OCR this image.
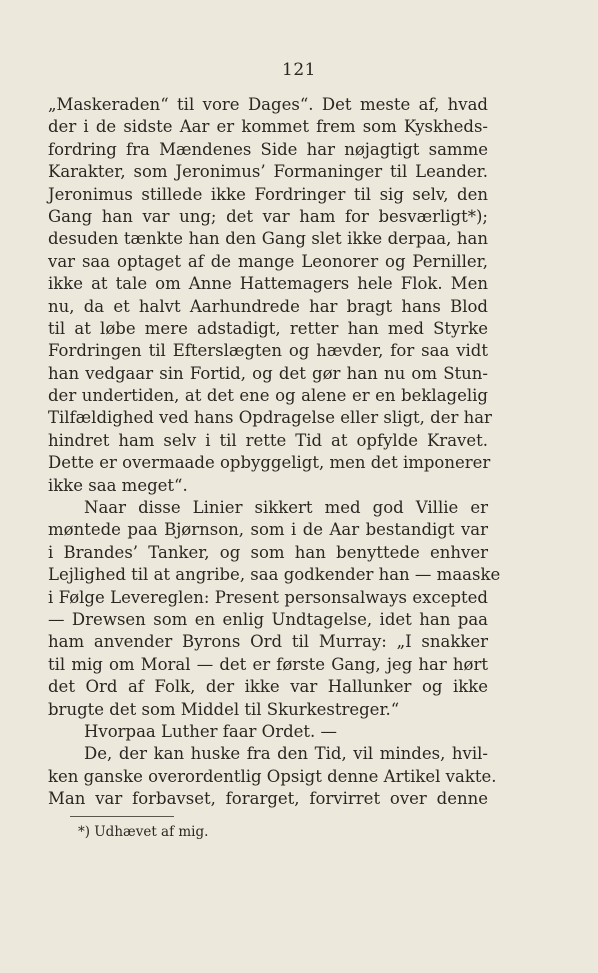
121
„Maskeraden“ til vore Dages“. Det meste af, hvad
der i de sidste Aar er kommet frem som Kyskheds-
fordring fra Mændenes Side har nøjagtigt samme
Karakter, som Jeronimus’ Formaninger til Leander.
Jeronimus stillede ikke Fordringer til sig selv, den
Gang han var ung; det var ham for besværligt*);
desuden tænkte han den Gang slet ikke derpaa, han
var saa optaget af de mange Leonorer og Perniller,
ikke at tale om Anne Hattemagers hele Flok. Men
nu, da et halvt Aarhundrede har bragt hans Blod
til at løbe mere adstadigt, retter han med Styrke
Fordringen til Efterslægten og hævder, for saa vidt
han vedgaar sin Fortid, og det gør han nu om Stun-
der undertiden, at det ene og alene er en beklagelig
Tilfældighed ved hans Opdragelse eller sligt, der har
hindret ham selv i til rette Tid at opfylde Kravet.
Dette er overmaade opbyggeligt, men det imponerer
ikke saa meget“.
Naar disse Linier sikkert med god Villie er
møntede paa Bjørnson, som i de Aar bestandigt var
i Brandes’ Tanker, og som han benyttede enhver
Lejlighed til at angribe, saa godkender han — maaske
i Følge Levereglen: Present personsalways excepted
— Drewsen som en enlig Undtagelse, idet han paa
ham anvender Byrons Ord til Murray: „I snakker
til mig om Moral — det er første Gang, jeg har hørt
det Ord af Folk, der ikke var Hallunker og ikke
brugte det som Middel til Skurkestreger.“
Hvorpaa Luther faar Ordet. —
De, der kan huske fra den Tid, vil mindes, hvil-
ken ganske overordentlig Opsigt denne Artikel vakte.
Man var forbavset, forarget, forvirret over denne
*) Udhævet af mig.
